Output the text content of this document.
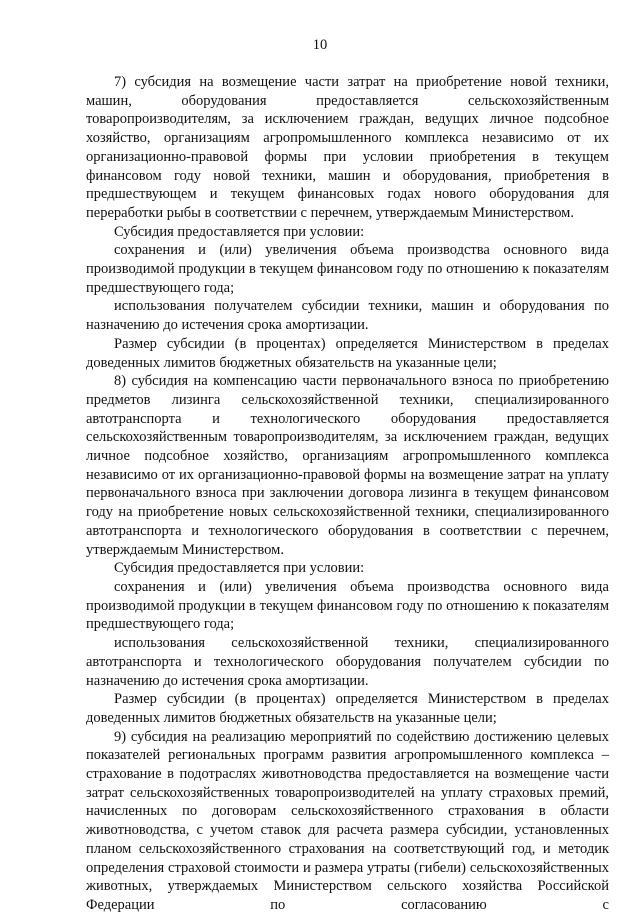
10

7) субсидия на возмещение части затрат на приобретение новой техники, машин, оборудования предоставляется сельскохозяйственным товаропроизводителям, за исключением граждан, ведущих личное подсобное хозяйство, организациям агропромышленного комплекса независимо от их организационно-правовой формы при условии приобретения в текущем финансовом году новой техники, машин и оборудования, приобретения в предшествующем и текущем финансовых годах нового оборудования для переработки рыбы в соответствии с перечнем, утверждаемым Министерством.

Субсидия предоставляется при условии:

сохранения и (или) увеличения объема производства основного вида производимой продукции в текущем финансовом году по отношению к показателям предшествующего года;

использования получателем субсидии техники, машин и оборудования по назначению до истечения срока амортизации.

Размер субсидии (в процентах) определяется Министерством в пределах доведенных лимитов бюджетных обязательств на указанные цели;

8) субсидия на компенсацию части первоначального взноса по приобретению предметов лизинга сельскохозяйственной техники, специализированного автотранспорта и технологического оборудования предоставляется сельскохозяйственным товаропроизводителям, за исключением граждан, ведущих личное подсобное хозяйство, организациям агропромышленного комплекса независимо от их организационно-правовой формы на возмещение затрат на уплату первоначального взноса при заключении договора лизинга в текущем финансовом году на приобретение новых сельскохозяйственной техники, специализированного автотранспорта и технологического оборудования в соответствии с перечнем, утверждаемым Министерством.

Субсидия предоставляется при условии:

сохранения и (или) увеличения объема производства основного вида производимой продукции в текущем финансовом году по отношению к показателям предшествующего года;

использования сельскохозяйственной техники, специализированного автотранспорта и технологического оборудования получателем субсидии по назначению до истечения срока амортизации.

Размер субсидии (в процентах) определяется Министерством в пределах доведенных лимитов бюджетных обязательств на указанные цели;

9) субсидия на реализацию мероприятий по содействию достижению целевых показателей региональных программ развития агропромышленного комплекса – страхование в подотраслях животноводства предоставляется на возмещение части затрат сельскохозяйственных товаропроизводителей на уплату страховых премий, начисленных по договорам сельскохозяйственного страхования в области животноводства, с учетом ставок для расчета размера субсидии, установленных планом сельскохозяйственного страхования на соответствующий год, и методик определения страховой стоимости и размера утраты (гибели) сельскохозяйственных животных, утверждаемых Министерством сельского хозяйства Российской Федерации по согласованию с
